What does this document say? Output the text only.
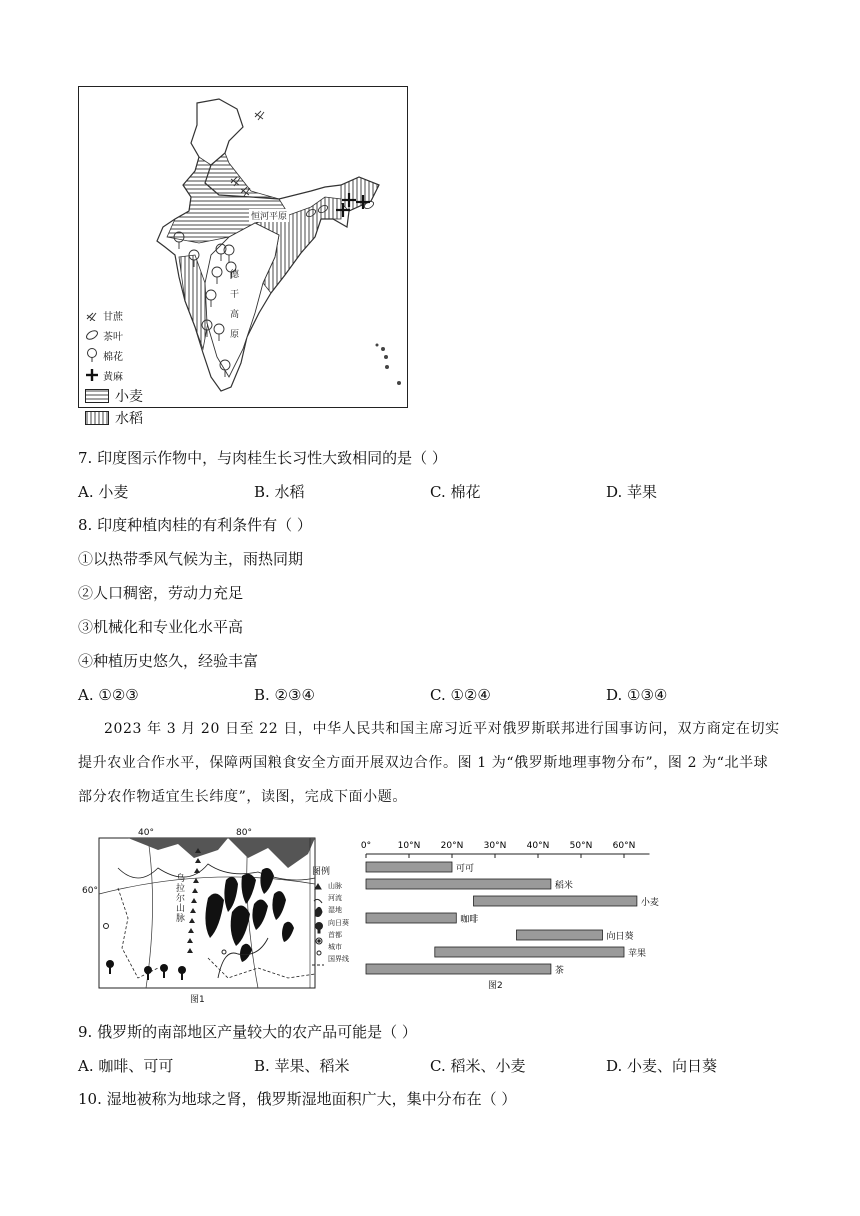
恒河平原
德
干
高
原
甘蔗
茶叶
棉花
黄麻
小麦
水稻
7. 印度图示作物中，与肉桂生长习性大致相同的是（ ）
A. 小麦	B. 水稻	C. 棉花	D. 苹果
8. 印度种植肉桂的有利条件有（ ）
①以热带季风气候为主，雨热同期
②人口稠密，劳动力充足
③机械化和专业化水平高
④种植历史悠久，经验丰富
A. ①②③	B. ②③④	C. ①②④	D. ①③④
2023 年 3 月 20 日至 22 日，中华人民共和国主席习近平对俄罗斯联邦进行国事访问，双方商定在切实
提升农业合作水平，保障两国粮食安全方面开展双边合作。图 1 为“俄罗斯地理事物分布”，图 2 为“北半球
部分农作物适宜生长纬度”，读图，完成下面小题。
40°	80°
60°
乌拉尔山脉
图例
山脉
河流
湿地
向日葵
首都
城市
国界线
图1
0°	10°N 20°N 30°N 40°N 50°N 60°N
可可
稻米
小麦
咖啡
向日葵
苹果
茶
图2
9. 俄罗斯的南部地区产量较大的农产品可能是（ ）
A. 咖啡、可可	B. 苹果、稻米	C. 稻米、小麦	D. 小麦、向日葵
10. 湿地被称为地球之肾，俄罗斯湿地面积广大，集中分布在（ ）
